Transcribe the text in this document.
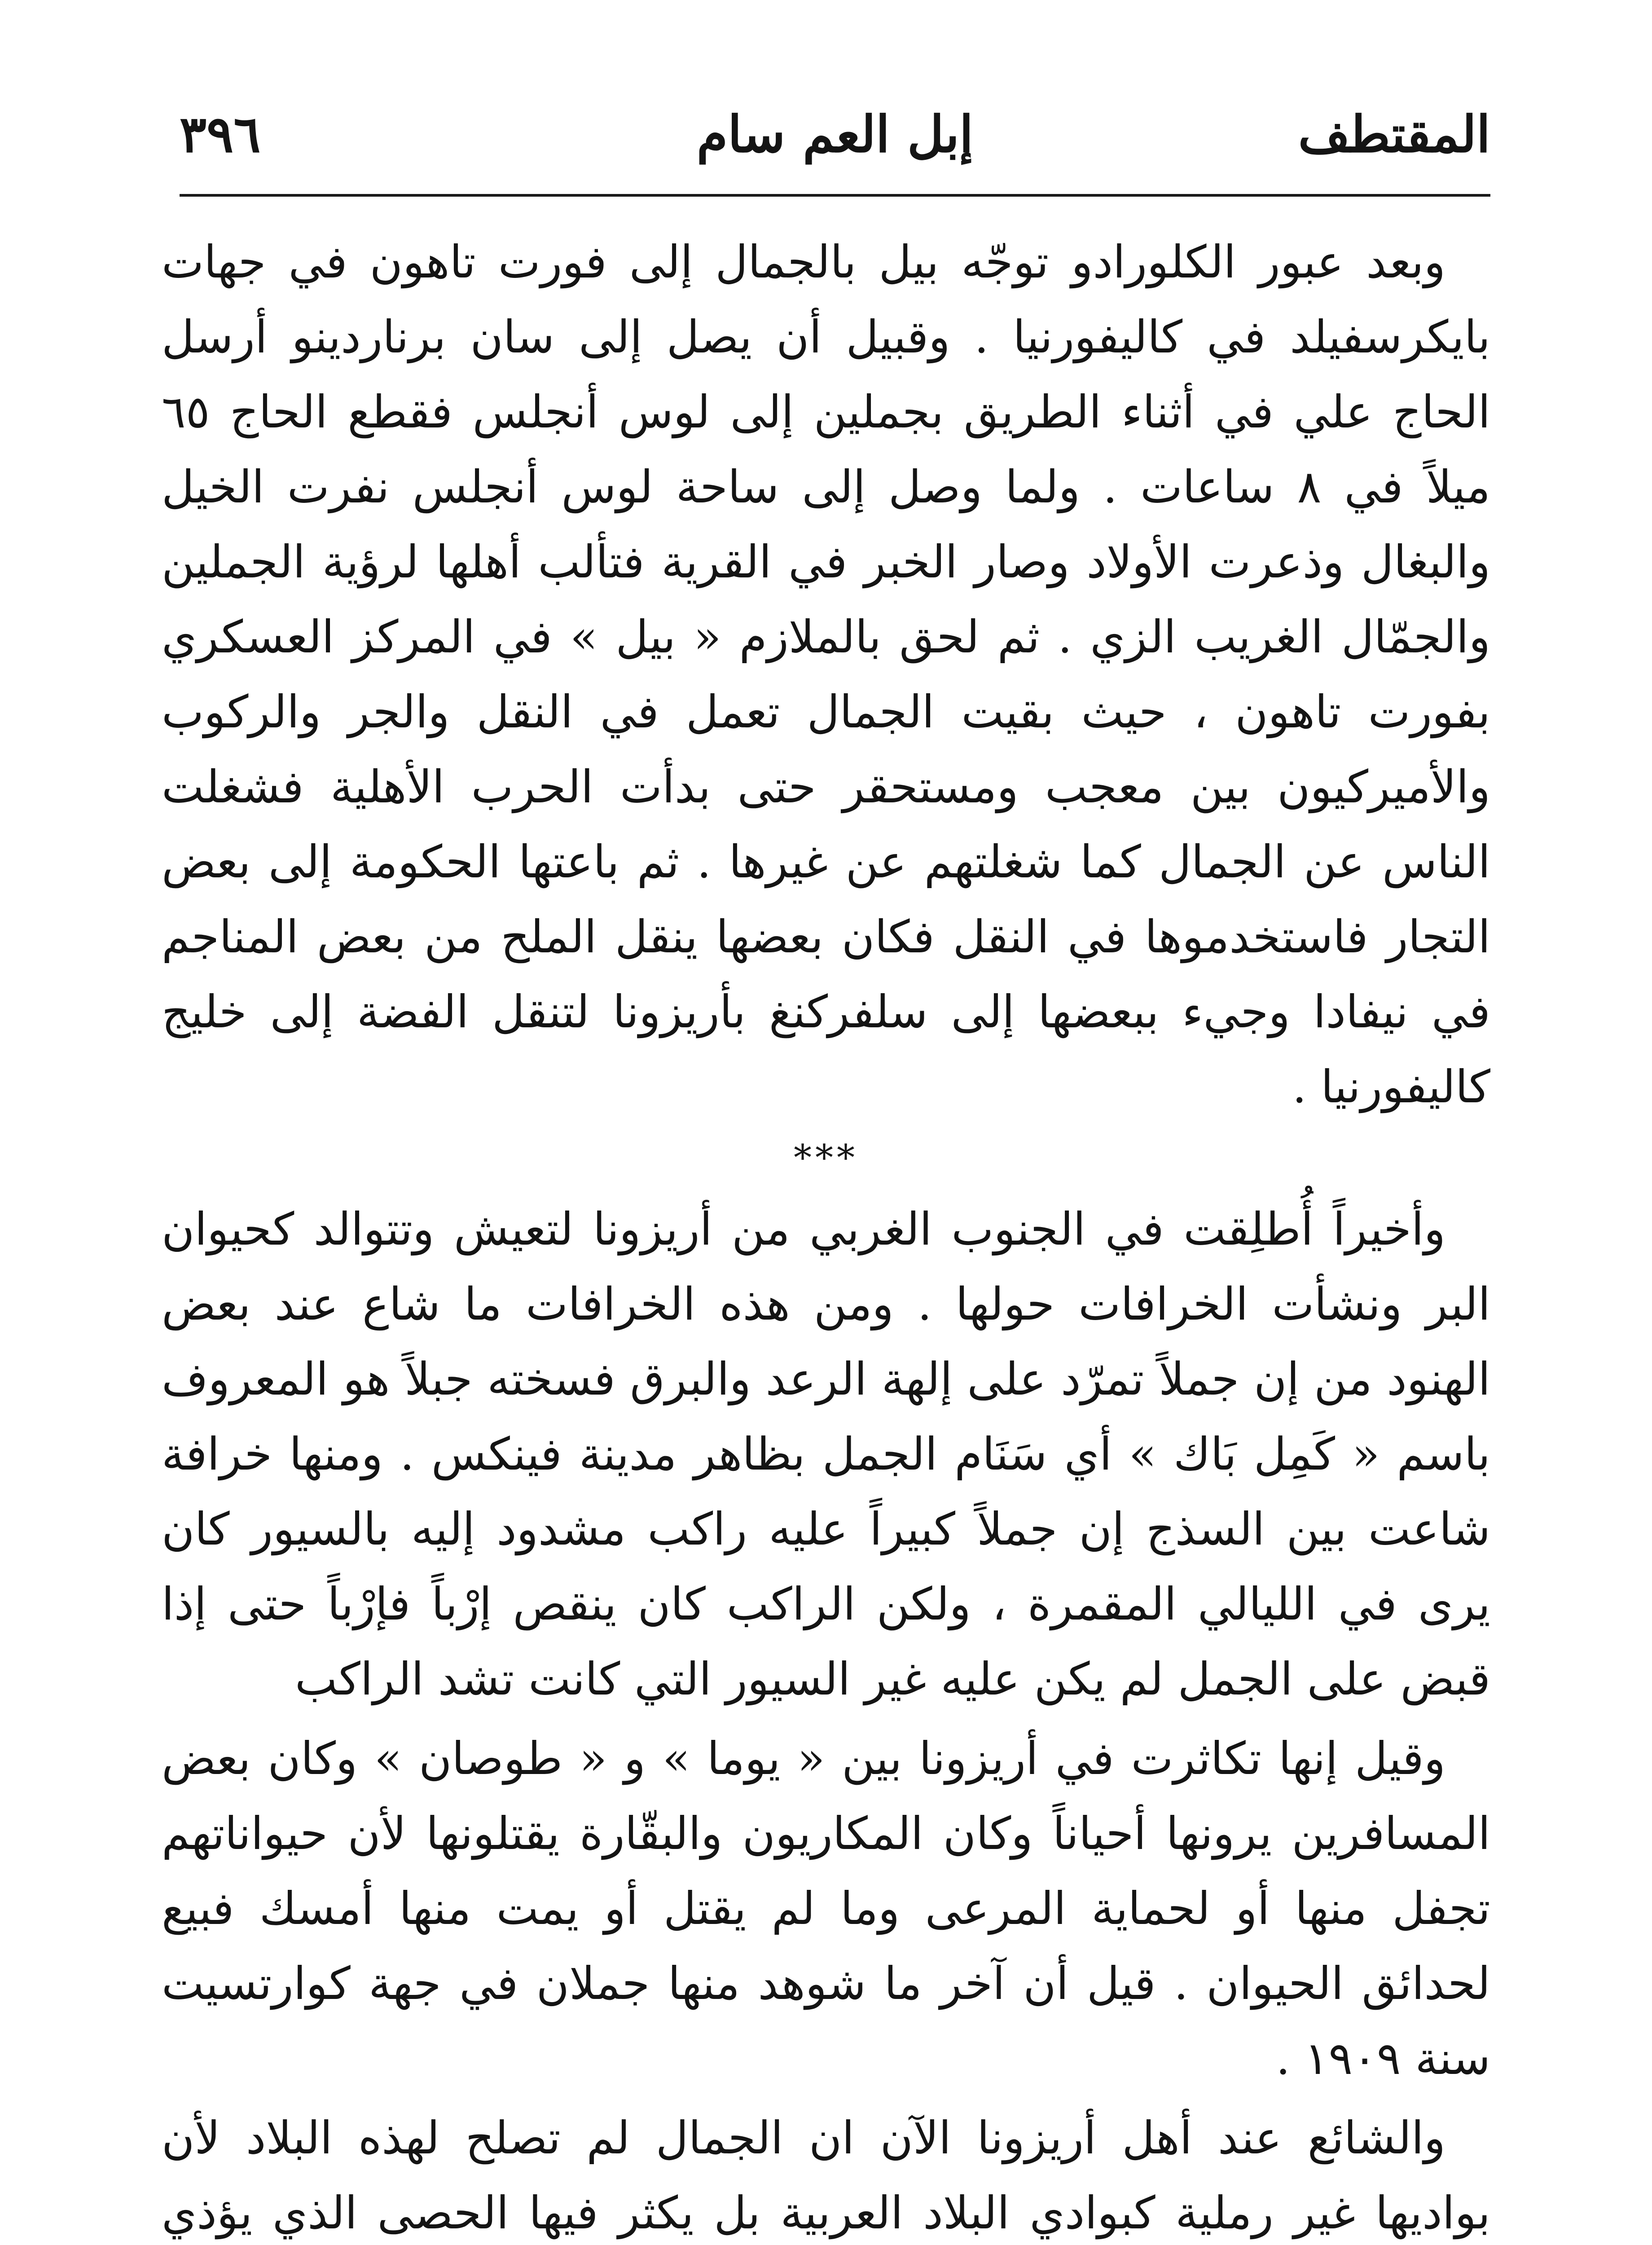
٣٩٦	إبل العم سام	المقتطف

وبعد عبور الكلورادو توجّه بيل بالجمال إلى فورت تاهون في جهات بايكرسفيلد في كاليفورنيا . وقبيل أن يصل إلى سان برناردينو أرسل الحاج علي في أثناء الطريق بجملين إلى لوس أنجلس فقطع الحاج ٦٥ ميلاً في ٨ ساعات . ولما وصل إلى ساحة لوس أنجلس نفرت الخيل والبغال وذعرت الأولاد وصار الخبر في القرية فتألب أهلها لرؤية الجملين والجمّال الغريب الزي . ثم لحق بالملازم « بيل » في المركز العسكري بفورت تاهون ، حيث بقيت الجمال تعمل في النقل والجر والركوب والأميركيون بين معجب ومستحقر حتى بدأت الحرب الأهلية فشغلت الناس عن الجمال كما شغلتهم عن غيرها . ثم باعتها الحكومة إلى بعض التجار فاستخدموها في النقل فكان بعضها ينقل الملح من بعض المناجم في نيفادا وجيء ببعضها إلى سلفركنغ بأريزونا لتنقل الفضة إلى خليج كاليفورنيا .

***

وأخيراً أُطلِقت في الجنوب الغربي من أريزونا لتعيش وتتوالد كحيوان البر ونشأت الخرافات حولها . ومن هذه الخرافات ما شاع عند بعض الهنود من إن جملاً تمرّد على إلهة الرعد والبرق فسخته جبلاً هو المعروف باسم « كَمِل بَاك » أي سَنَام الجمل بظاهر مدينة فينكس . ومنها خرافة شاعت بين السذج إن جملاً كبيراً عليه راكب مشدود إليه بالسيور كان يرى في الليالي المقمرة ، ولكن الراكب كان ينقص إرْباً فإرْباً حتى إذا قبض على الجمل لم يكن عليه غير السيور التي كانت تشد الراكب

وقيل إنها تكاثرت في أريزونا بين « يوما » و « طوصان » وكان بعض المسافرين يرونها أحياناً وكان المكاريون والبقّارة يقتلونها لأن حيواناتهم تجفل منها أو لحماية المرعى وما لم يقتل أو يمت منها أمسك فبيع لحدائق الحيوان . قيل أن آخر ما شوهد منها جملان في جهة كوارتسيت سنة ١٩٠٩ .

والشائع عند أهل أريزونا الآن ان الجمال لم تصلح لهذه البلاد لأن بواديها غير رملية كبوادي البلاد العربية بل يكثر فيها الحصى الذي يؤذي
